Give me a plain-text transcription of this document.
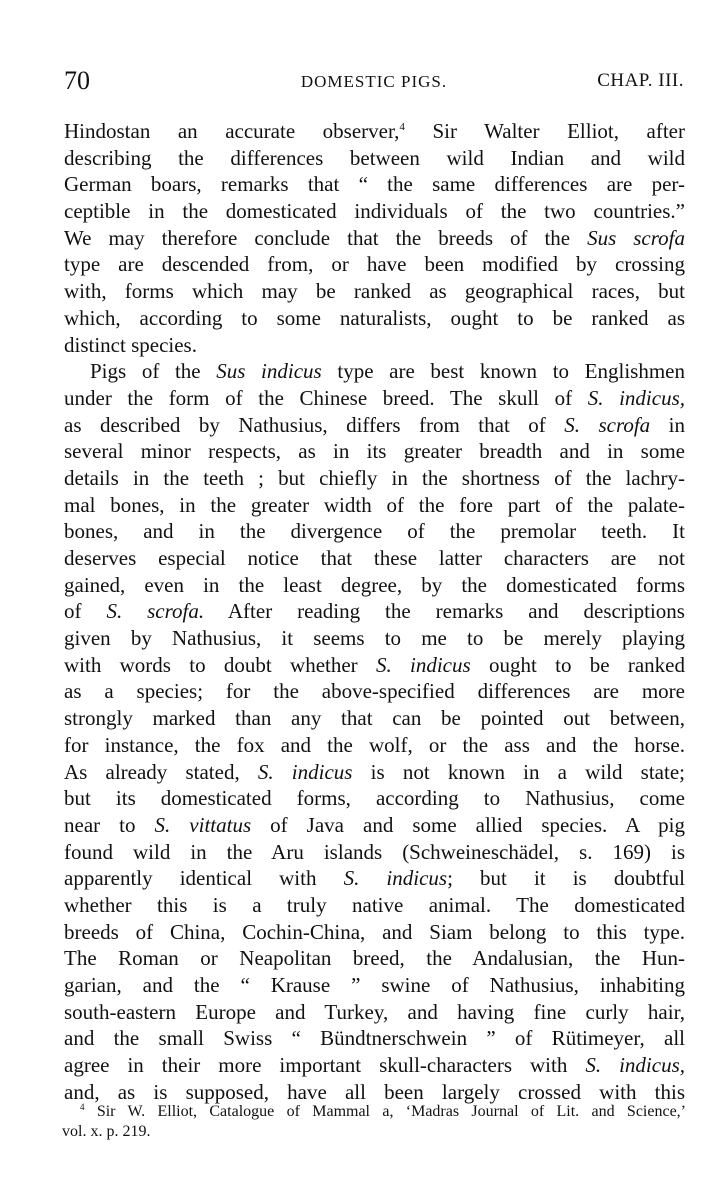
70	DOMESTIC PIGS.	CHAP. III.
Hindostan an accurate observer,$^4$ Sir Walter Elliot, after
describing the differences between wild Indian and wild
German boars, remarks that “ the same differences are per-
ceptible in the domesticated individuals of the two countries.”
We may therefore conclude that the breeds of the Sus scrofa
type are descended from, or have been modified by crossing
with, forms which may be ranked as geographical races, but
which, according to some naturalists, ought to be ranked as
distinct species.
Pigs of the Sus indicus type are best known to Englishmen
under the form of the Chinese breed. The skull of S. indicus,
as described by Nathusius, differs from that of S. scrofa in
several minor respects, as in its greater breadth and in some
details in the teeth ; but chiefly in the shortness of the lachry-
mal bones, in the greater width of the fore part of the palate-
bones, and in the divergence of the premolar teeth. It
deserves especial notice that these latter characters are not
gained, even in the least degree, by the domesticated forms
of S. scrofa. After reading the remarks and descriptions
given by Nathusius, it seems to me to be merely playing
with words to doubt whether S. indicus ought to be ranked
as a species; for the above-specified differences are more
strongly marked than any that can be pointed out between,
for instance, the fox and the wolf, or the ass and the horse.
As already stated, S. indicus is not known in a wild state;
but its domesticated forms, according to Nathusius, come
near to S. vittatus of Java and some allied species. A pig
found wild in the Aru islands (Schweineschädel, s. 169) is
apparently identical with S. indicus; but it is doubtful
whether this is a truly native animal. The domesticated
breeds of China, Cochin-China, and Siam belong to this type.
The Roman or Neapolitan breed, the Andalusian, the Hun-
garian, and the “ Krause ” swine of Nathusius, inhabiting
south-eastern Europe and Turkey, and having fine curly hair,
and the small Swiss “ Bündtnerschwein ” of Rütimeyer, all
agree in their more important skull-characters with S. indicus,
and, as is supposed, have all been largely crossed with this
$^4$ Sir W. Elliot, Catalogue of Mammal a, ‘Madras Journal of Lit. and Science,’
vol. x. p. 219.
